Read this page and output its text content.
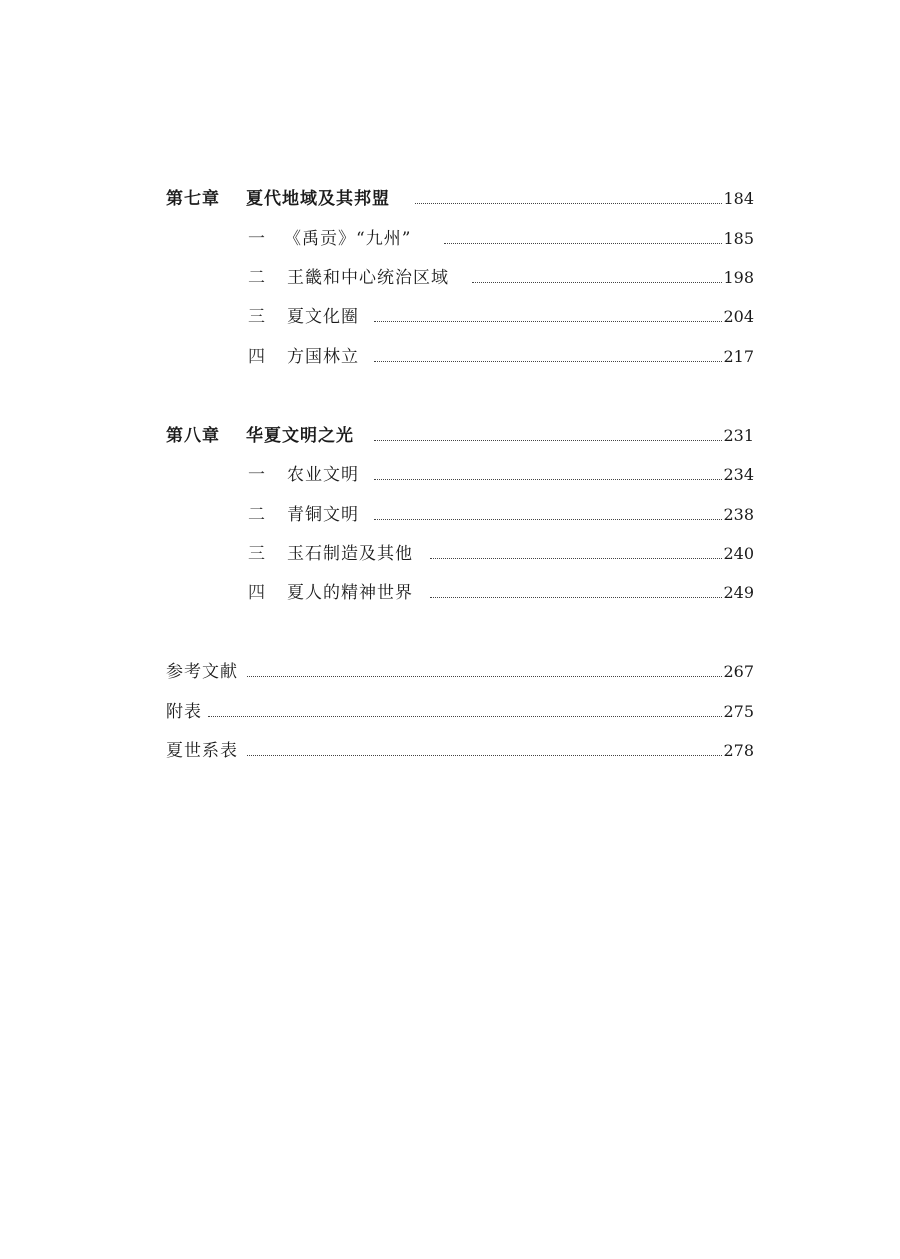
第七章 夏代地域及其邦盟	184
一 《禹贡》“九州”	185
二 王畿和中心统治区域	198
三 夏文化圈	204
四 方国林立	217
第八章 华夏文明之光	231
一 农业文明	234
二 青铜文明	238
三 玉石制造及其他	240
四 夏人的精神世界	249
参考文献	267
附表	275
夏世系表	278
